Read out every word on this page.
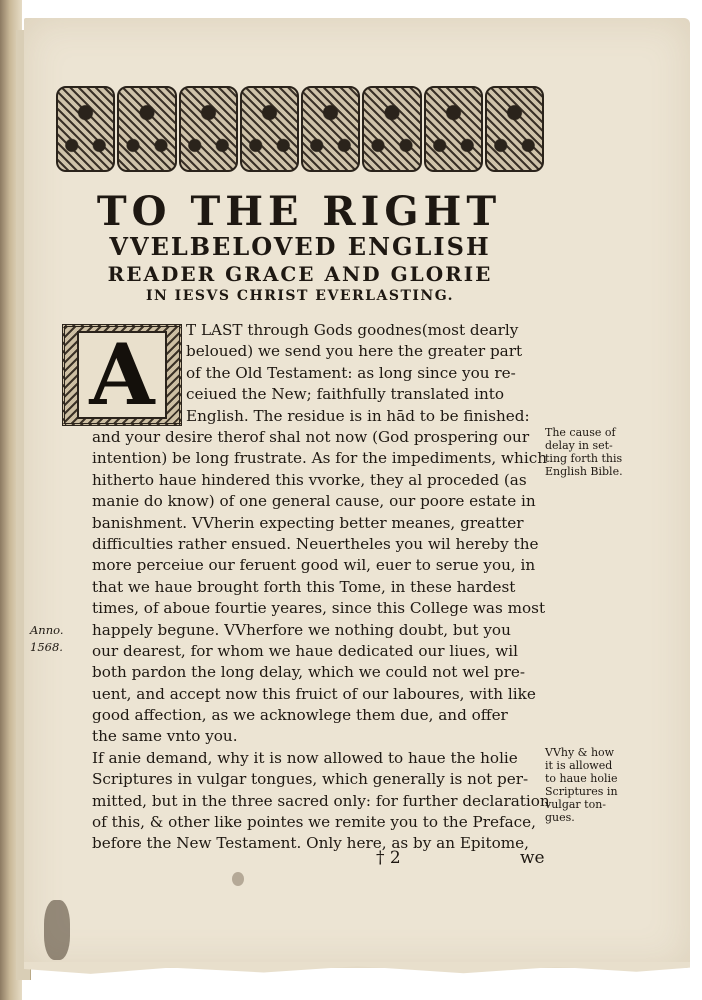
TO THE RIGHT
VVELBELOVED ENGLISH
READER GRACE AND GLORIE
IN IESVS CHRIST EVERLASTING.
A	T LAST through Gods goodnes(most dearly
beloued) we send you here the greater part
of the Old Testament: as long since you re-
ceiued the New; faithfully translated into
English. The residue is in hād to be finished:
and your desire therof shal not now (God prospering our
intention) be long frustrate. As for the impediments, which
hitherto haue hindered this vvorke, they al proceded (as
manie do know) of one general cause, our poore estate in
banishment. VVherin expecting better meanes, greatter
difficulties rather ensued. Neuertheles you wil hereby the
more perceiue our feruent good wil, euer to serue you, in
that we haue brought forth this Tome, in these hardest
times, of aboue fourtie yeares, since this College was most
happely begune. VVherfore we nothing doubt, but you
our dearest, for whom we haue dedicated our liues, wil
both pardon the long delay, which we could not wel pre-
uent, and accept now this fruict of our laboures, with like
good affection, as we acknowlege them due, and offer
the same vnto you.
If anie demand, why it is now allowed to haue the holie
Scriptures in vulgar tongues, which generally is not per-
mitted, but in the three sacred only: for further declaration
of this, & other like pointes we remite you to the Preface,
before the New Testament. Only here, as by an Epitome,
The cause of
delay in set-
ting forth this
English Bible.
VVhy & how
it is allowed
to haue holie
Scriptures in
vulgar ton-
gues.
Anno.
1568.
† 2	we
